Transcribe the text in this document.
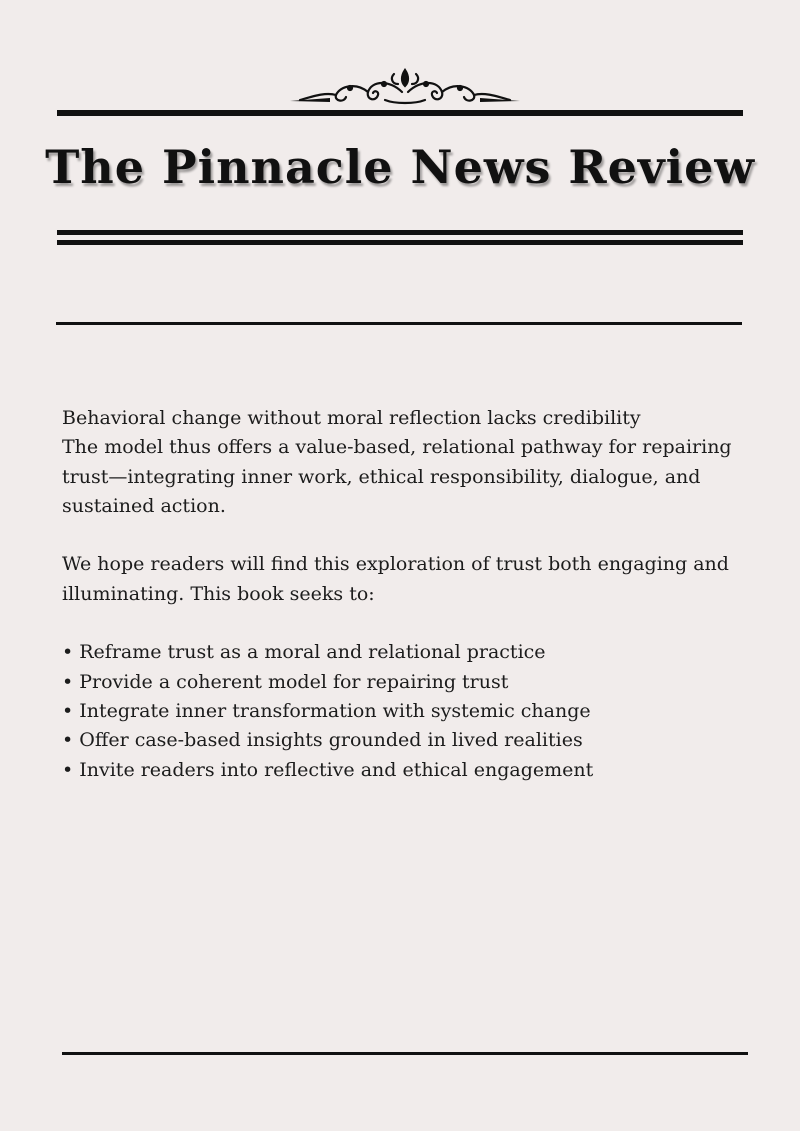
The Pinnacle News Review

Behavioral change without moral reflection lacks credibility

The model thus offers a value-based, relational pathway for repairing trust—integrating inner work, ethical responsibility, dialogue, and sustained action.

We hope readers will find this exploration of trust both engaging and illuminating. This book seeks to:

• Reframe trust as a moral and relational practice
• Provide a coherent model for repairing trust
• Integrate inner transformation with systemic change
• Offer case-based insights grounded in lived realities
• Invite readers into reflective and ethical engagement
